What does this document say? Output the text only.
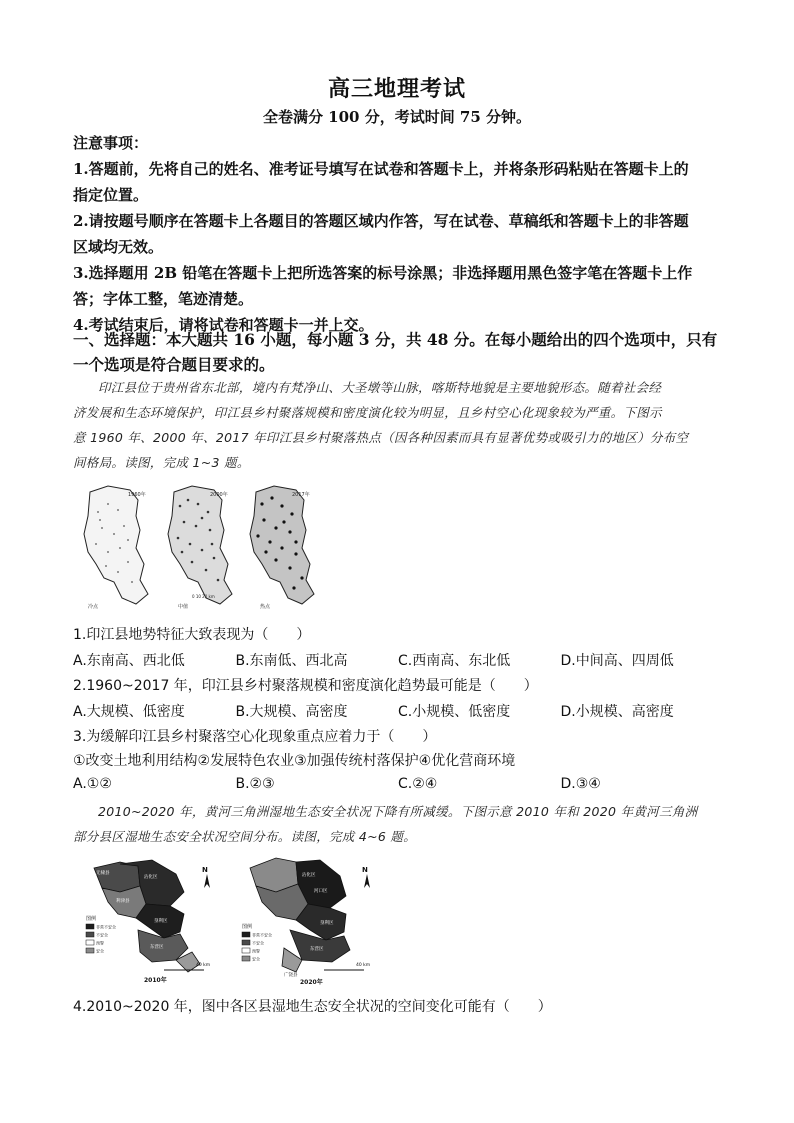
高三地理考试
全卷满分 100 分，考试时间 75 分钟。

注意事项：

1.答题前，先将自己的姓名、准考证号填写在试卷和答题卡上，并将条形码粘贴在答题卡上的

指定位置。

2.请按题号顺序在答题卡上各题目的答题区域内作答，写在试卷、草稿纸和答题卡上的非答题

区域均无效。

3.选择题用 2B 铅笔在答题卡上把所选答案的标号涂黑；非选择题用黑色签字笔在答题卡上作

答；字体工整，笔迹清楚。

4.考试结束后，请将试卷和答题卡一并上交。

一、选择题：本大题共 16 小题，每小题 3 分，共 48 分。在每小题给出的四个选项中，只有
一个选项是符合题目要求的。
印江县位于贵州省东北部，境内有梵净山、大圣墩等山脉，喀斯特地貌是主要地貌形态。随着社会经
济发展和生态环境保护，印江县乡村聚落规模和密度演化较为明显，且乡村空心化现象较为严重。下图示
意 1960 年、2000 年、2017 年印江县乡村聚落热点（因各种因素而具有显著优势或吸引力的地区）分布空
间格局。读图，完成 1~3 题。
1960年
冷点
2000年
中值
0 10 20 km
2017年
热点
1.印江县地势特征大致表现为（　　）
A.东南高、西北低	B.东南低、西北高	C.西南高、东北低	D.中间高、四周低
2.1960~2017 年，印江县乡村聚落规模和密度演化趋势最可能是（　　）
A.大规模、低密度	B.大规模、高密度	C.小规模、低密度	D.小规模、高密度
3.为缓解印江县乡村聚落空心化现象重点应着力于（　　）
①改变土地利用结构②发展特色农业③加强传统村落保护④优化营商环境
A.①②	B.②③	C.②④	D.③④
2010~2020 年，黄河三角洲湿地生态安全状况下降有所减缓。下图示意 2010 年和 2020 年黄河三角洲
部分县区湿地生态安全状况空间分布。读图，完成 4~6 题。
无棣县
沾化区
利津县
垦利区
东营区
N
图例
非常不安全
不安全
预警
安全
40 km
2010年
沾化区
河口区
垦利区
东营区
广饶县
N
图例
非常不安全
不安全
预警
安全
40 km
2020年
4.2010~2020 年，图中各区县湿地生态安全状况的空间变化可能有（　　）
